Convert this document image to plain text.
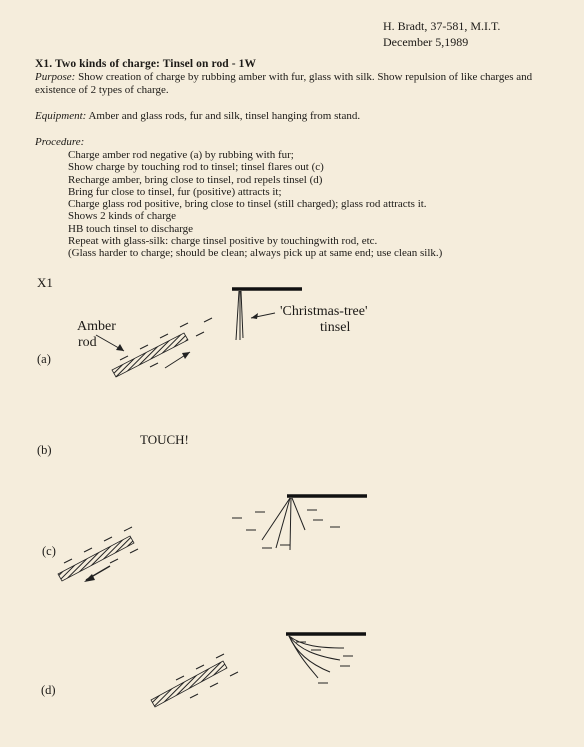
H. Bradt, 37-581, M.I.T.
December 5,1989
X1. Two kinds of charge: Tinsel on rod - 1W
Purpose: Show creation of charge by rubbing amber with fur, glass with silk. Show repulsion of like charges and existence of 2 types of charge.
Equipment: Amber and glass rods, fur and silk, tinsel hanging from stand.
Procedure:
Charge amber rod negative (a) by rubbing with fur;
Show charge by touching rod to tinsel; tinsel flares out (c)
Recharge amber, bring close to tinsel, rod repels tinsel (d)
Bring fur close to tinsel, fur (positive) attracts it;
Charge glass rod positive, bring close to tinsel (still charged); glass rod attracts it.
Shows 2 kinds of charge
HB touch tinsel to discharge
Repeat with glass-silk: charge tinsel positive by touchingwith rod, etc.
(Glass harder to charge; should be clean; always pick up at same end; use clean silk.)
X1
Amber
rod
'Christmas-tree'
tinsel
TOUCH!
(a)
(b)
(c)
(d)
